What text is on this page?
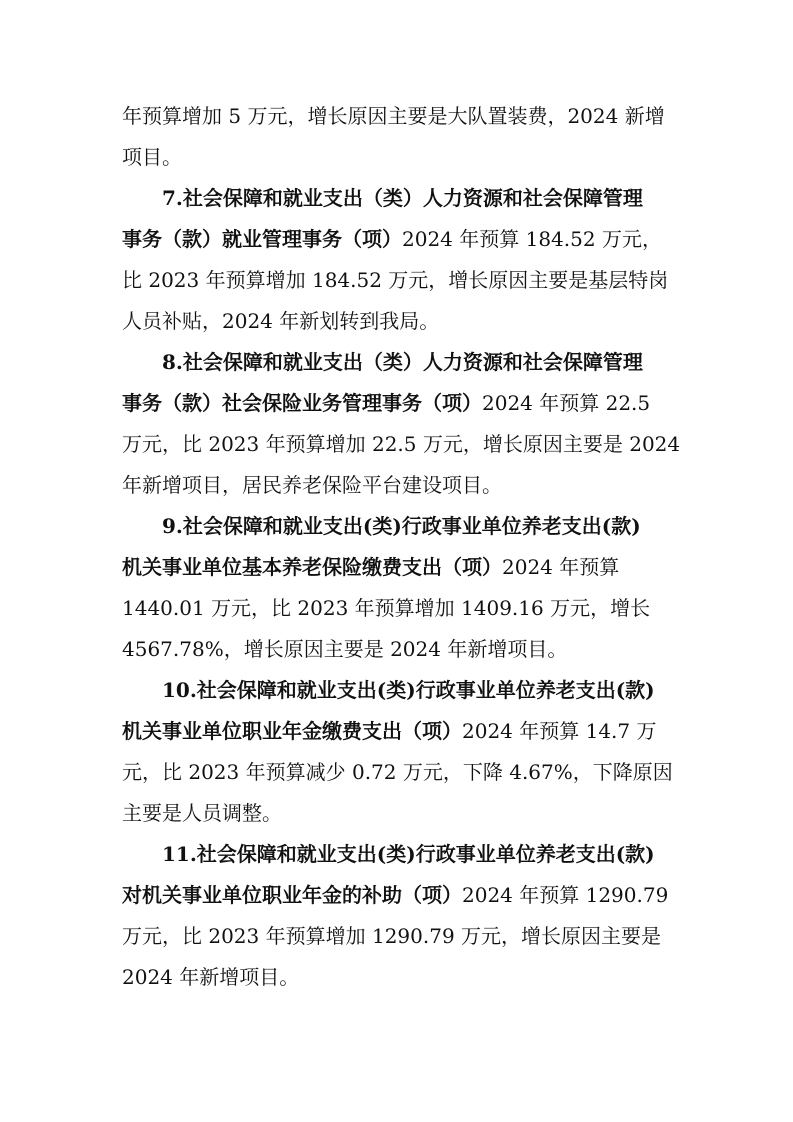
年预算增加 5 万元，增长原因主要是大队置装费，2024 新增
项目。

7.社会保障和就业支出（类）人力资源和社会保障管理
事务（款）就业管理事务（项）2024 年预算 184.52 万元，
比 2023 年预算增加 184.52 万元，增长原因主要是基层特岗
人员补贴，2024 年新划转到我局。

8.社会保障和就业支出（类）人力资源和社会保障管理
事务（款）社会保险业务管理事务（项）2024 年预算 22.5
万元，比 2023 年预算增加 22.5 万元，增长原因主要是 2024
年新增项目，居民养老保险平台建设项目。

9.社会保障和就业支出(类)行政事业单位养老支出(款)
机关事业单位基本养老保险缴费支出（项）2024 年预算
1440.01 万元，比 2023 年预算增加 1409.16 万元，增长
4567.78%，增长原因主要是 2024 年新增项目。

10.社会保障和就业支出(类)行政事业单位养老支出(款)
机关事业单位职业年金缴费支出（项）2024 年预算 14.7 万
元，比 2023 年预算减少 0.72 万元，下降 4.67%，下降原因
主要是人员调整。

11.社会保障和就业支出(类)行政事业单位养老支出(款)
对机关事业单位职业年金的补助（项）2024 年预算 1290.79
万元，比 2023 年预算增加 1290.79 万元，增长原因主要是
2024 年新增项目。
